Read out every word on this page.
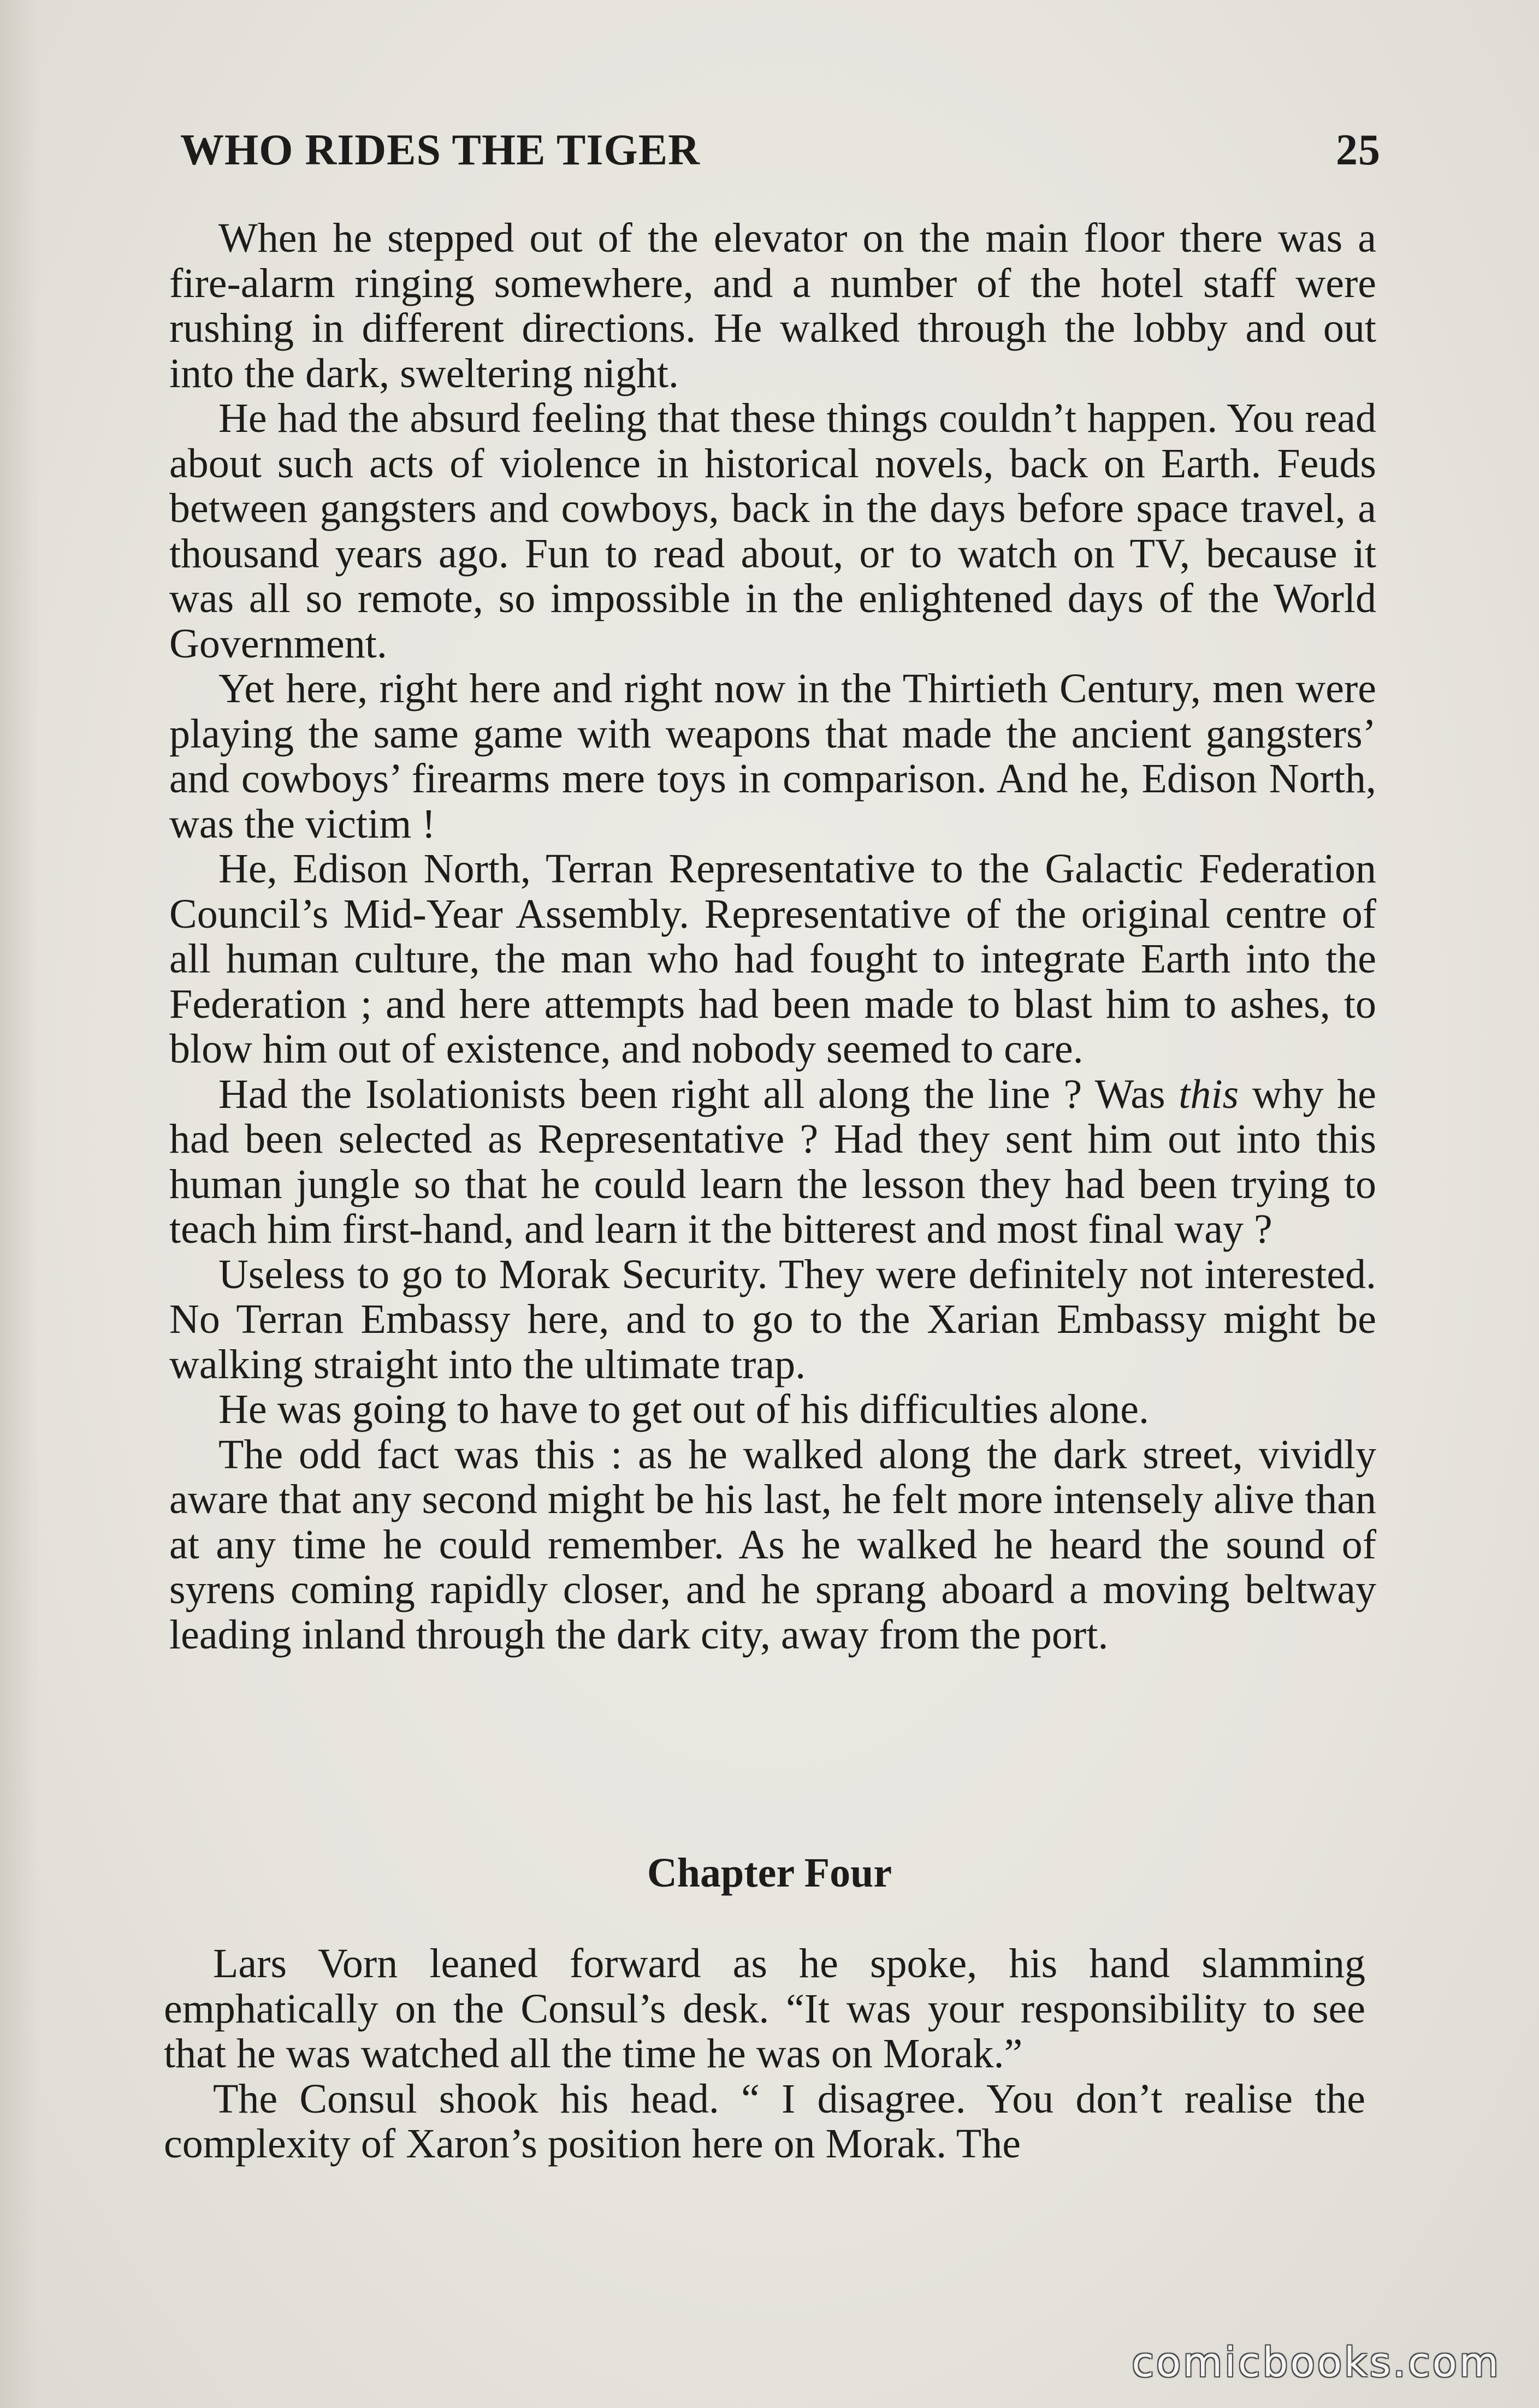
WHO RIDES THE TIGER	25

When he stepped out of the elevator on the main floor there was a fire-alarm ringing somewhere, and a number of the hotel staff were rushing in different directions. He walked through the lobby and out into the dark, sweltering night.

He had the absurd feeling that these things couldn’t happen. You read about such acts of violence in historical novels, back on Earth. Feuds between gangsters and cowboys, back in the days before space travel, a thousand years ago. Fun to read about, or to watch on TV, because it was all so remote, so impossible in the enlightened days of the World Government.

Yet here, right here and right now in the Thirtieth Century, men were playing the same game with weapons that made the ancient gangsters’ and cowboys’ firearms mere toys in comparison. And he, Edison North, was the victim !

He, Edison North, Terran Representative to the Galactic Federation Council’s Mid-Year Assembly. Representative of the original centre of all human culture, the man who had fought to integrate Earth into the Federation ; and here attempts had been made to blast him to ashes, to blow him out of existence, and nobody seemed to care.

Had the Isolationists been right all along the line ? Was this why he had been selected as Representative ? Had they sent him out into this human jungle so that he could learn the lesson they had been trying to teach him first-hand, and learn it the bitterest and most final way ?

Useless to go to Morak Security. They were definitely not interested. No Terran Embassy here, and to go to the Xarian Embassy might be walking straight into the ultimate trap.

He was going to have to get out of his difficulties alone.

The odd fact was this : as he walked along the dark street, vividly aware that any second might be his last, he felt more intensely alive than at any time he could remember. As he walked he heard the sound of syrens coming rapidly closer, and he sprang aboard a moving beltway leading inland through the dark city, away from the port.

Chapter Four

Lars Vorn leaned forward as he spoke, his hand slamming emphatically on the Consul’s desk. “It was your responsibility to see that he was watched all the time he was on Morak.”

The Consul shook his head. “ I disagree. You don’t realise the complexity of Xaron’s position here on Morak. The

comicbooks.com
